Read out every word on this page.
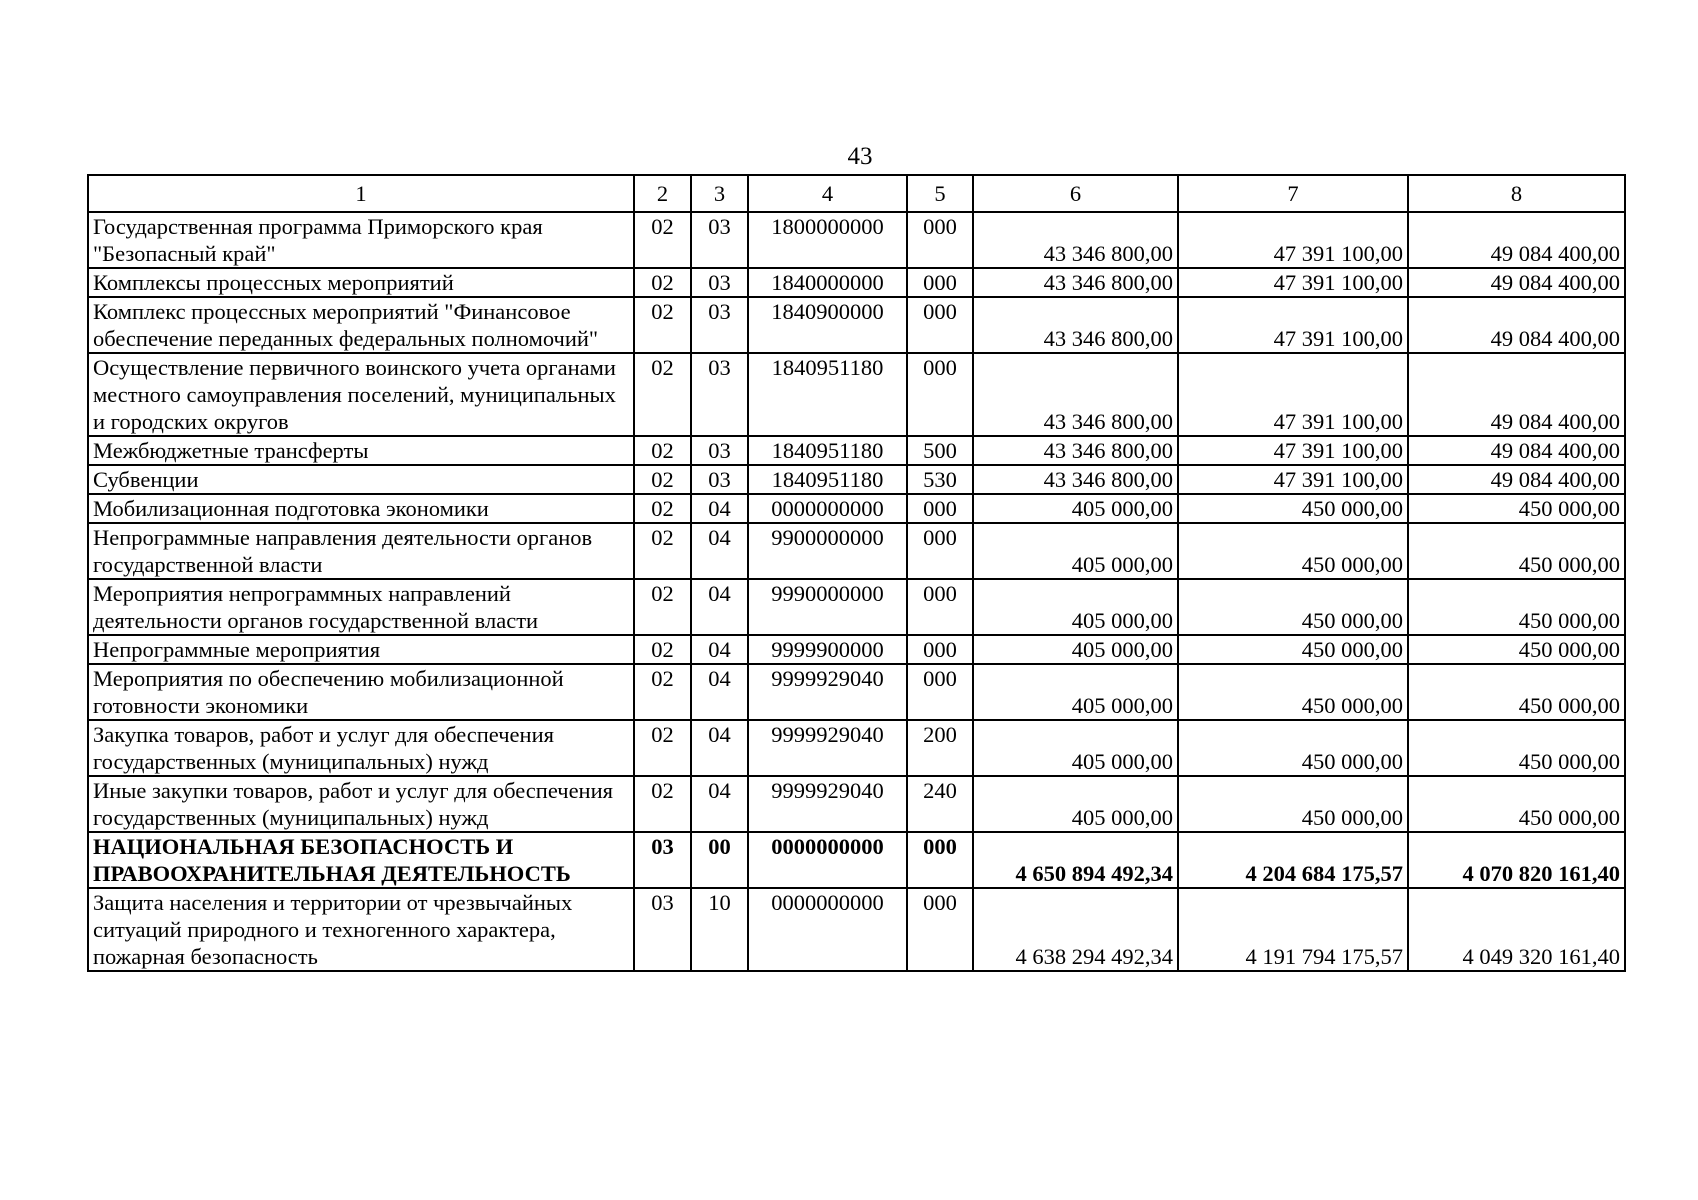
43
1	2	3	4	5	6	7	8
Государственная программа Приморского края "Безопасный край"	02	03	1800000000	000	43 346 800,00	47 391 100,00	49 084 400,00
Комплексы процессных мероприятий	02	03	1840000000	000	43 346 800,00	47 391 100,00	49 084 400,00
Комплекс процессных мероприятий "Финансовое обеспечение переданных федеральных полномочий"	02	03	1840900000	000	43 346 800,00	47 391 100,00	49 084 400,00
Осуществление первичного воинского учета органами местного самоуправления поселений, муниципальных и городских округов	02	03	1840951180	000	43 346 800,00	47 391 100,00	49 084 400,00
Межбюджетные трансферты	02	03	1840951180	500	43 346 800,00	47 391 100,00	49 084 400,00
Субвенции	02	03	1840951180	530	43 346 800,00	47 391 100,00	49 084 400,00
Мобилизационная подготовка экономики	02	04	0000000000	000	405 000,00	450 000,00	450 000,00
Непрограммные направления деятельности органов государственной власти	02	04	9900000000	000	405 000,00	450 000,00	450 000,00
Мероприятия непрограммных направлений деятельности органов государственной власти	02	04	9990000000	000	405 000,00	450 000,00	450 000,00
Непрограммные мероприятия	02	04	9999900000	000	405 000,00	450 000,00	450 000,00
Мероприятия по обеспечению мобилизационной готовности экономики	02	04	9999929040	000	405 000,00	450 000,00	450 000,00
Закупка товаров, работ и услуг для обеспечения государственных (муниципальных) нужд	02	04	9999929040	200	405 000,00	450 000,00	450 000,00
Иные закупки товаров, работ и услуг для обеспечения государственных (муниципальных) нужд	02	04	9999929040	240	405 000,00	450 000,00	450 000,00
НАЦИОНАЛЬНАЯ БЕЗОПАСНОСТЬ И ПРАВООХРАНИТЕЛЬНАЯ ДЕЯТЕЛЬНОСТЬ	03	00	0000000000	000	4 650 894 492,34	4 204 684 175,57	4 070 820 161,40
Защита населения и территории от чрезвычайных ситуаций природного и техногенного характера, пожарная безопасность	03	10	0000000000	000	4 638 294 492,34	4 191 794 175,57	4 049 320 161,40
